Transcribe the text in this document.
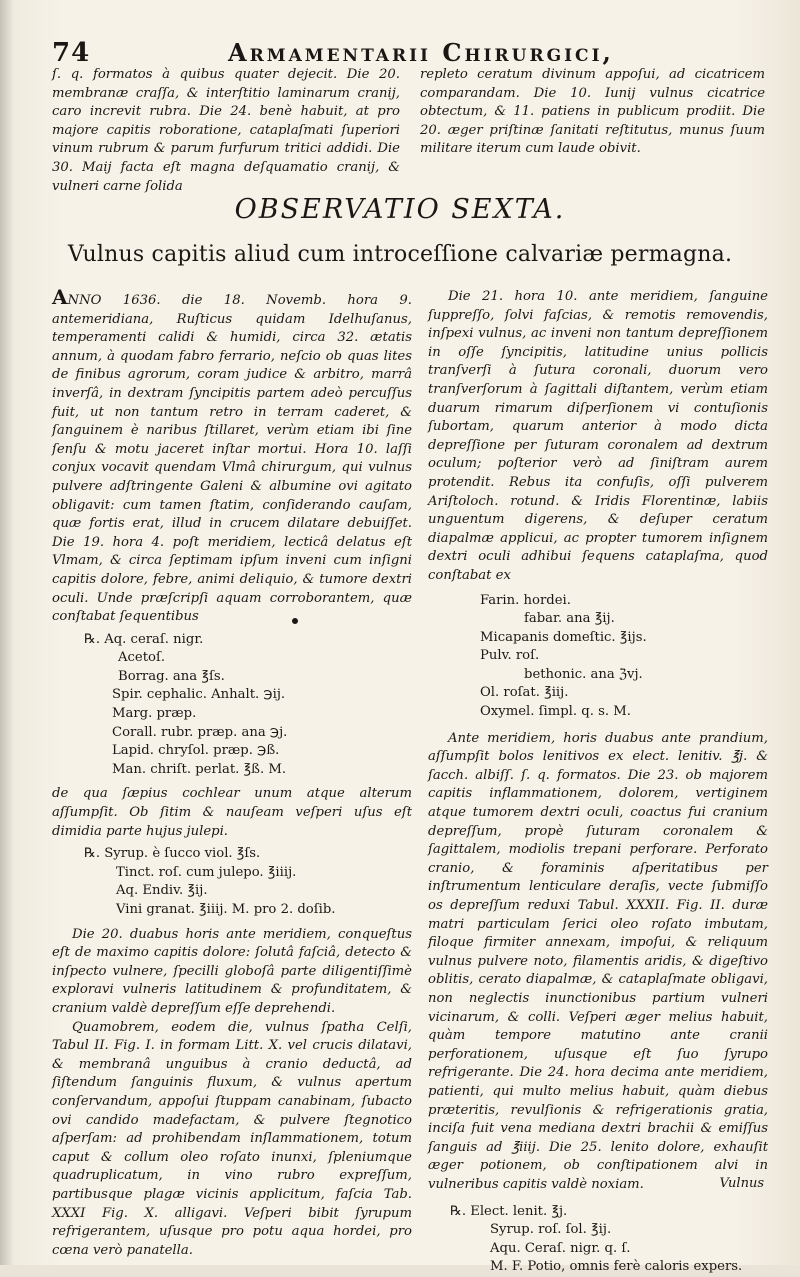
74	Armamentarii Chirurgici,

ſ. q. formatos à quibus quater dejecit. Die 20. membranæ craſſa, & interſtitio laminarum cranij, caro increvit rubra. Die 24. benè habuit, at pro majore capitis roboratione, cataplaſmati ſuperiori vinum rubrum & parum furfurum tritici addidi. Die 30. Maij facta eſt magna deſquamatio cranij, & vulneri carne ſolida

repleto ceratum divinum appoſui, ad cicatricem comparandam. Die 10. Iunij vulnus cicatrice obtectum, & 11. patiens in publicum prodiit. Die 20. æger priſtinæ ſanitati reſtitutus, munus ſuum militare iterum cum laude obivit.

OBSERVATIO SEXTA.
Vulnus capitis aliud cum introceſſione calvariæ permagna.

ANNO 1636. die 18. Novemb. hora 9. antemeridiana, Ruſticus quidam Idelhuſanus, temperamenti calidi & humidi, circa 32. ætatis annum, à quodam fabro ferrario, neſcio ob quas lites de finibus agrorum, coram judice & arbitro, marrâ inverſâ, in dextram ſyncipitis partem adeò percuſſus fuit, ut non tantum retro in terram caderet, & ſanguinem è naribus ſtillaret, verùm etiam ibi ſine ſenſu & motu jaceret inſtar mortui. Hora 10. laſſi conjux vocavit quendam Vlmâ chirurgum, qui vulnus pulvere adſtringente Galeni & albumine ovi agitato obligavit: cum tamen ſtatim, conſiderando cauſam, quæ fortis erat, illud in crucem dilatare debuiſſet. Die 19. hora 4. poſt meridiem, lecticâ delatus eſt Vlmam, & circa ſeptimam ipſum inveni cum inſigni capitis dolore, febre, animi deliquio, & tumore dextri oculi. Unde præſcripſi aquam corroborantem, quæ conſtabat ſequentibus

℞. Aq. ceraſ. nigr.

Acetoſ.

Borrag. ana ℥ſs.

Spir. cephalic. Anhalt. ℈ij.

Marg. præp.

Corall. rubr. præp. ana ℈j.

Lapid. chryſol. præp. ℈ß.

Man. chriſt. perlat. ℥ß. M.

de qua ſæpius cochlear unum atque alterum aſſumpſit. Ob ſitim & nauſeam veſperi uſus eſt dimidia parte hujus julepi.

℞. Syrup. è ſucco viol. ℥ſs.

Tinct. roſ. cum julepo. ℥iiij.

Aq. Endiv. ℥ij.

Vini granat. ℥iiij. M. pro 2. doſib.

Die 20. duabus horis ante meridiem, conqueſtus eſt de maximo capitis dolore: ſolutâ faſciâ, detecto & inſpecto vulnere, ſpecilli globoſâ parte diligentiſſimè exploravi vulneris latitudinem & profunditatem, & cranium valdè depreſſum eſſe deprehendi.

Quamobrem, eodem die, vulnus ſpatha Celſi, Tabul II. Fig. I. in formam Litt. X. vel crucis dilatavi, & membranâ unguibus à cranio deductâ, ad ſiſtendum ſanguinis fluxum, & vulnus apertum conſervandum, appoſui ſtuppam canabinam, ſubacto ovi candido madefactam, & pulvere ſtegnotico aſperſam: ad prohibendam inſlammationem, totum caput & collum oleo roſato inunxi, ſpleniumque quadruplicatum, in vino rubro expreſſum, partibusque plagæ vicinis applicitum, faſcia Tab. XXXI Fig. X. alligavi. Veſperi bibit ſyrupum refrigerantem, uſusque pro potu aqua hordei, pro cœna verò panatella.

Die 21. hora 10. ante meridiem, ſanguine ſuppreſſo, ſolvi faſcias, & remotis removendis, inſpexi vulnus, ac inveni non tantum depreſſionem in oſſe ſyncipitis, latitudine unius pollicis tranſverſi à ſutura coronali, duorum vero tranſverſorum à ſagittali diſtantem, verùm etiam duarum rimarum diſperſionem vi contuſionis ſubortam, quarum anterior à modo dicta depreſſione per ſuturam coronalem ad dextrum oculum; poſterior verò ad ſiniſtram aurem protendit. Rebus ita confuſis, oſſi pulverem Ariſtoloch. rotund. & Iridis Florentinæ, labiis unguentum digerens, & deſuper ceratum diapalmæ applicui, ac propter tumorem inſignem dextri oculi adhibui ſequens cataplaſma, quod conſtabat ex

Farin. hordei.

fabar. ana ℥ij.

Micapanis domeſtic. ℥ijs.

Pulv. roſ.

bethonic. ana ℨvj.

Ol. roſat. ℥iij.

Oxymel. ſimpl. q. s. M.

Ante meridiem, horis duabus ante prandium, aſſumpſit bolos lenitivos ex elect. lenitiv. ℥j. & ſacch. albiſſ. ſ. q. formatos. Die 23. ob majorem capitis inflammationem, dolorem, vertiginem atque tumorem dextri oculi, coactus fui cranium depreſſum, propè ſuturam coronalem & ſagittalem, modiolis trepani perforare. Perforato cranio, & foraminis aſperitatibus per inſtrumentum lenticulare deraſis, vecte ſubmiſſo os depreſſum reduxi Tabul. XXXII. Fig. II. duræ matri particulam ſerici oleo roſato imbutam, filoque firmiter annexam, impoſui, & reliquum vulnus pulvere noto, filamentis aridis, & digeſtivo oblitis, cerato diapalmæ, & cataplaſmate obligavi, non neglectis inunctionibus partium vulneri vicinarum, & colli. Veſperi æger melius habuit, quàm tempore matutino ante cranii perforationem, uſusque eſt ſuo ſyrupo refrigerante. Die 24. hora decima ante meridiem, patienti, qui multo melius habuit, quàm diebus præteritis, revulſionis & refrigerationis gratia, inciſa fuit vena mediana dextri brachii & emiſſus ſanguis ad ℥iiij. Die 25. lenito dolore, exhauſit æger potionem, ob conſtipationem alvi in vulneribus capitis valdè noxiam.

℞. Elect. lenit. ℥j.

Syrup. roſ. ſol. ℥ij.

Aqu. Ceraſ. nigr. q. ſ.

M. F. Potio, omnis ferè caloris expers.

Vulnus
